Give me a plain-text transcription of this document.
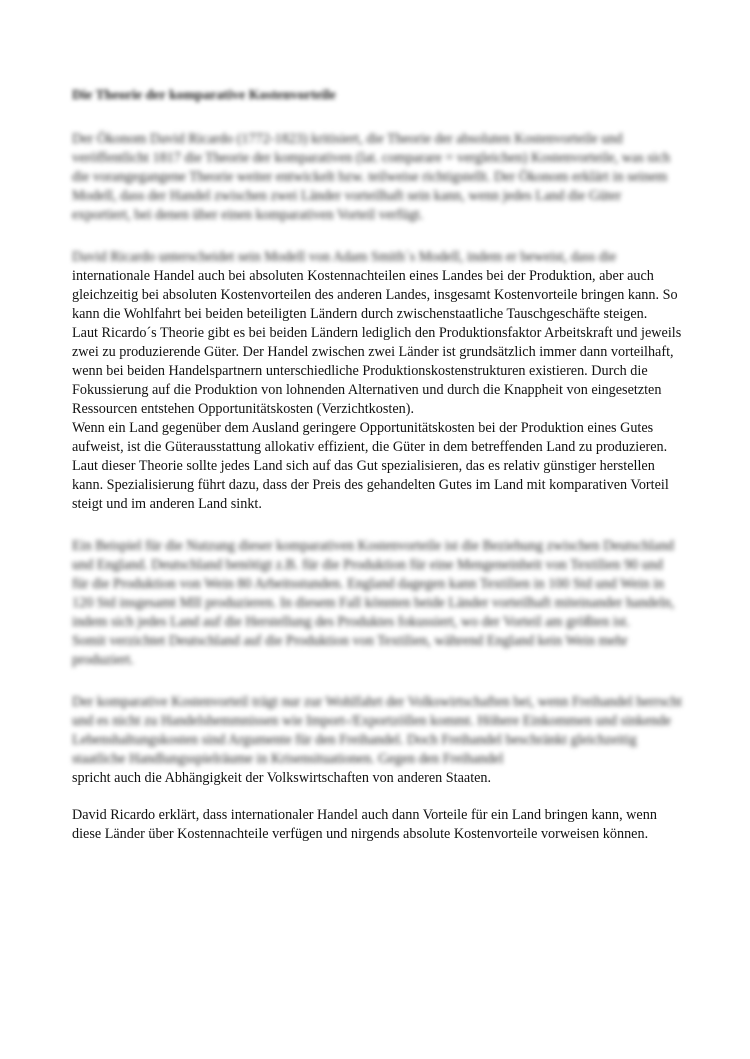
Die Theorie der komparative Kostenvorteile

Der Ökonom David Ricardo (1772-1823) kritisiert, die Theorie der absoluten Kostenvorteile und veröffentlicht 1817 die Theorie der komparativen (lat. comparare = vergleichen) Kostenvorteile, was sich die vorangegangene Theorie weiter entwickelt bzw. teilweise richtigstellt. Der Ökonom erklärt in seinem Modell, dass der Handel zwischen zwei Länder vorteilhaft sein kann, wenn jedes Land die Güter exportiert, bei denen über einen komparativen Vorteil verfügt.

David Ricardo unterscheidet sein Modell von Adam Smith´s Modell, indem er beweist, dass die

internationale Handel auch bei absoluten Kostennachteilen eines Landes bei der Produktion, aber auch gleichzeitig bei absoluten Kostenvorteilen des anderen Landes, insgesamt Kostenvorteile bringen kann. So kann die Wohlfahrt bei beiden beteiligten Ländern durch zwischenstaatliche Tauschgeschäfte steigen.

Laut Ricardo´s Theorie gibt es bei beiden Ländern lediglich den Produktionsfaktor Arbeitskraft und jeweils zwei zu produzierende Güter. Der Handel zwischen zwei Länder ist grundsätzlich immer dann vorteilhaft, wenn bei beiden Handelspartnern unterschiedliche Produktionskostenstrukturen existieren. Durch die Fokussierung auf die Produktion von lohnenden Alternativen und durch die Knappheit von eingesetzten Ressourcen entstehen Opportunitätskosten (Verzichtkosten).

Wenn ein Land gegenüber dem Ausland geringere Opportunitätskosten bei der Produktion eines Gutes aufweist, ist die Güterausstattung allokativ effizient, die Güter in dem betreffenden Land zu produzieren. Laut dieser Theorie sollte jedes Land sich auf das Gut spezialisieren, das es relativ günstiger herstellen kann. Spezialisierung führt dazu, dass der Preis des gehandelten Gutes im Land mit komparativen Vorteil steigt und im anderen Land sinkt.

Ein Beispiel für die Nutzung dieser komparativen Kostenvorteile ist die Beziehung zwischen Deutschland und England. Deutschland benötigt z.B. für die Produktion für eine Mengeneinheit von Textilien 90 und für die Produktion von Wein 80 Arbeitsstunden. England dagegen kann Textilien in 100 Std und Wein in 120 Std insgesamt MII produzieren. In diesem Fall könnten beide Länder vorteilhaft miteinander handeln, indem sich jedes Land auf die Herstellung des Produktes fokussiert, wo der Vorteil am größten ist.

Somit verzichtet Deutschland auf die Produktion von Textilien, während England kein Wein mehr produziert.

Der komparative Kostenvorteil trägt nur zur Wohlfahrt der Volkswirtschaften bei, wenn Freihandel herrscht und es nicht zu Handelshemmnissen wie Import-/Exportzöllen kommt. Höhere Einkommen und sinkende Lebenshaltungskosten sind Argumente für den Freihandel. Doch Freihandel beschränkt gleichzeitig staatliche Handlungsspielräume in Krisensituationen. Gegen den Freihandel

spricht auch die Abhängigkeit der Volkswirtschaften von anderen Staaten.

David Ricardo erklärt, dass internationaler Handel auch dann Vorteile für ein Land bringen kann, wenn diese Länder über Kostennachteile verfügen und nirgends absolute Kostenvorteile vorweisen können.
